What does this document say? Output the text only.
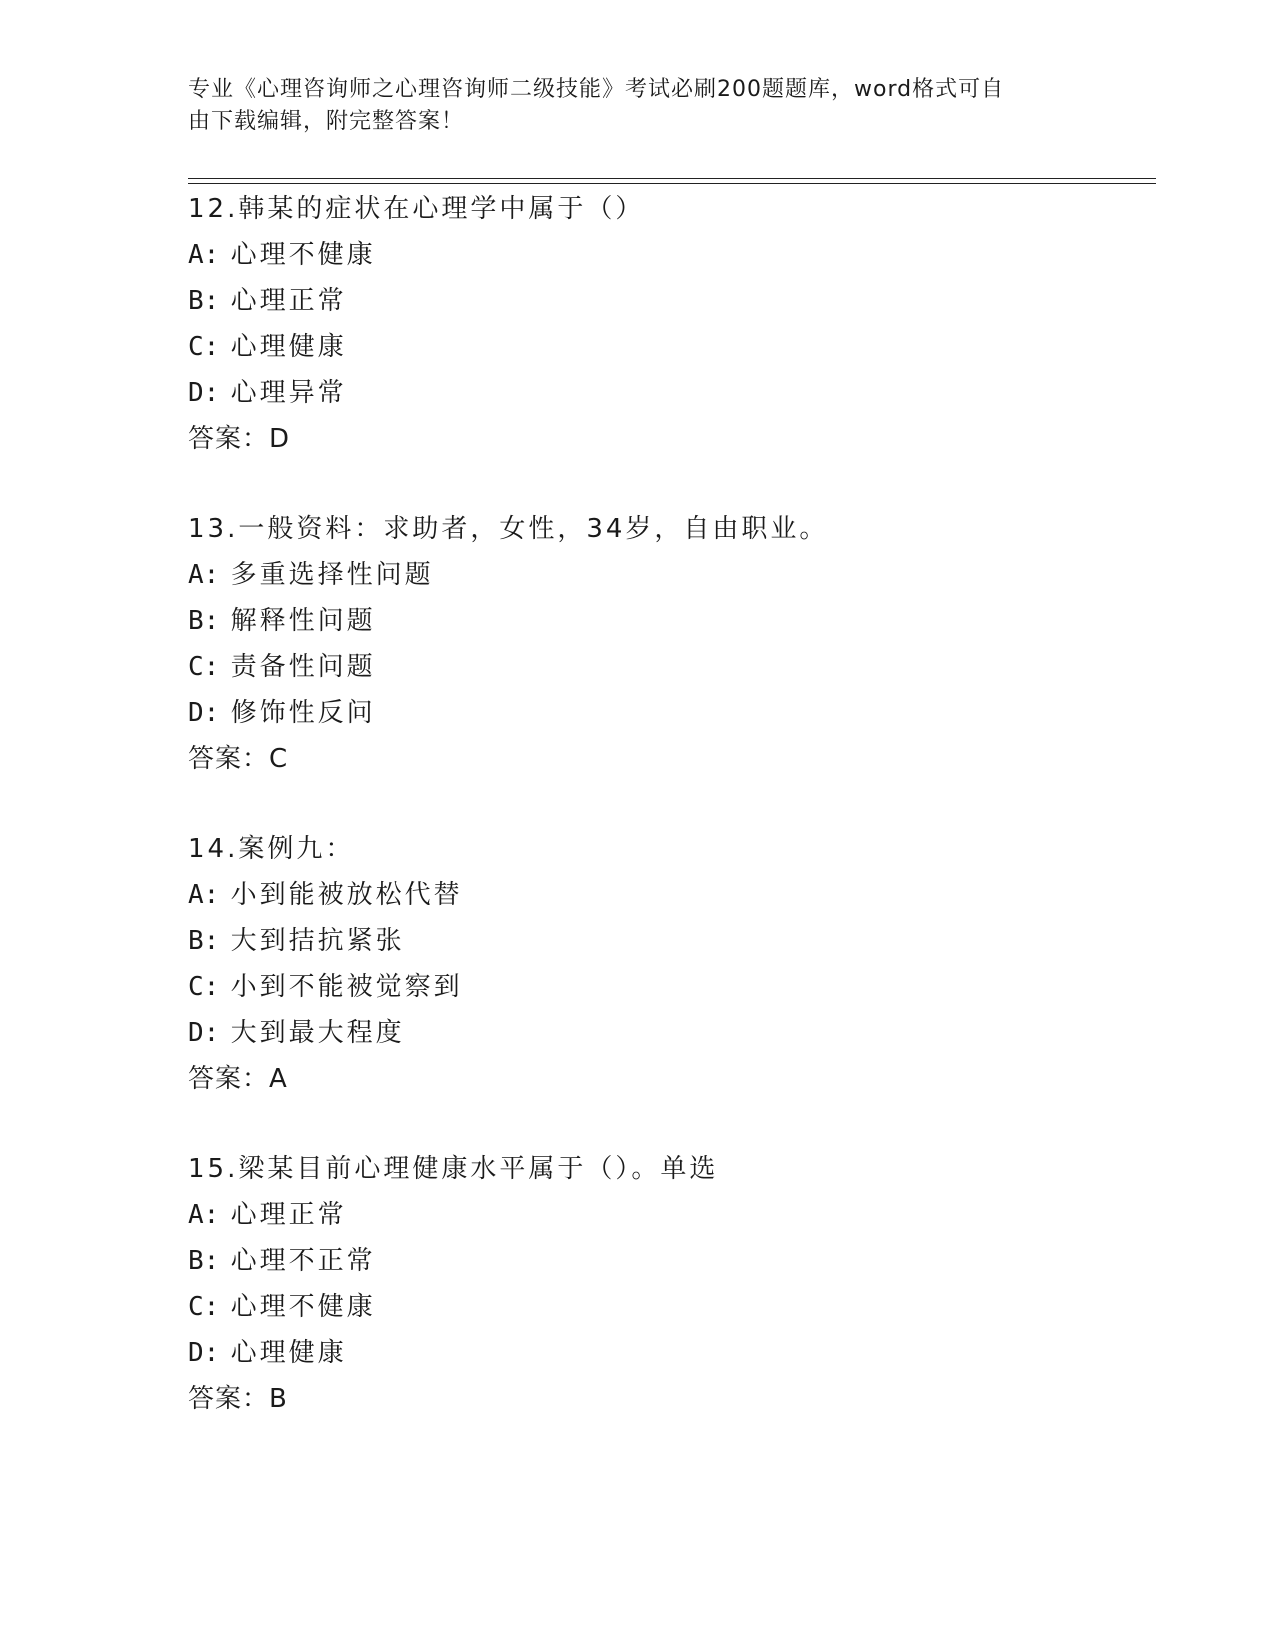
专业《心理咨询师之心理咨询师二级技能》考试必刷200题题库，word格式可自
由下载编辑，附完整答案！
12.韩某的症状在心理学中属于（）
A: 心理不健康
B: 心理正常
C: 心理健康
D: 心理异常
答案：D
13.一般资料：求助者，女性，34岁，自由职业。
A: 多重选择性问题
B: 解释性问题
C: 责备性问题
D: 修饰性反问
答案：C
14.案例九：
A: 小到能被放松代替
B: 大到拮抗紧张
C: 小到不能被觉察到
D: 大到最大程度
答案：A
15.梁某目前心理健康水平属于（）。单选
A: 心理正常
B: 心理不正常
C: 心理不健康
D: 心理健康
答案：B
